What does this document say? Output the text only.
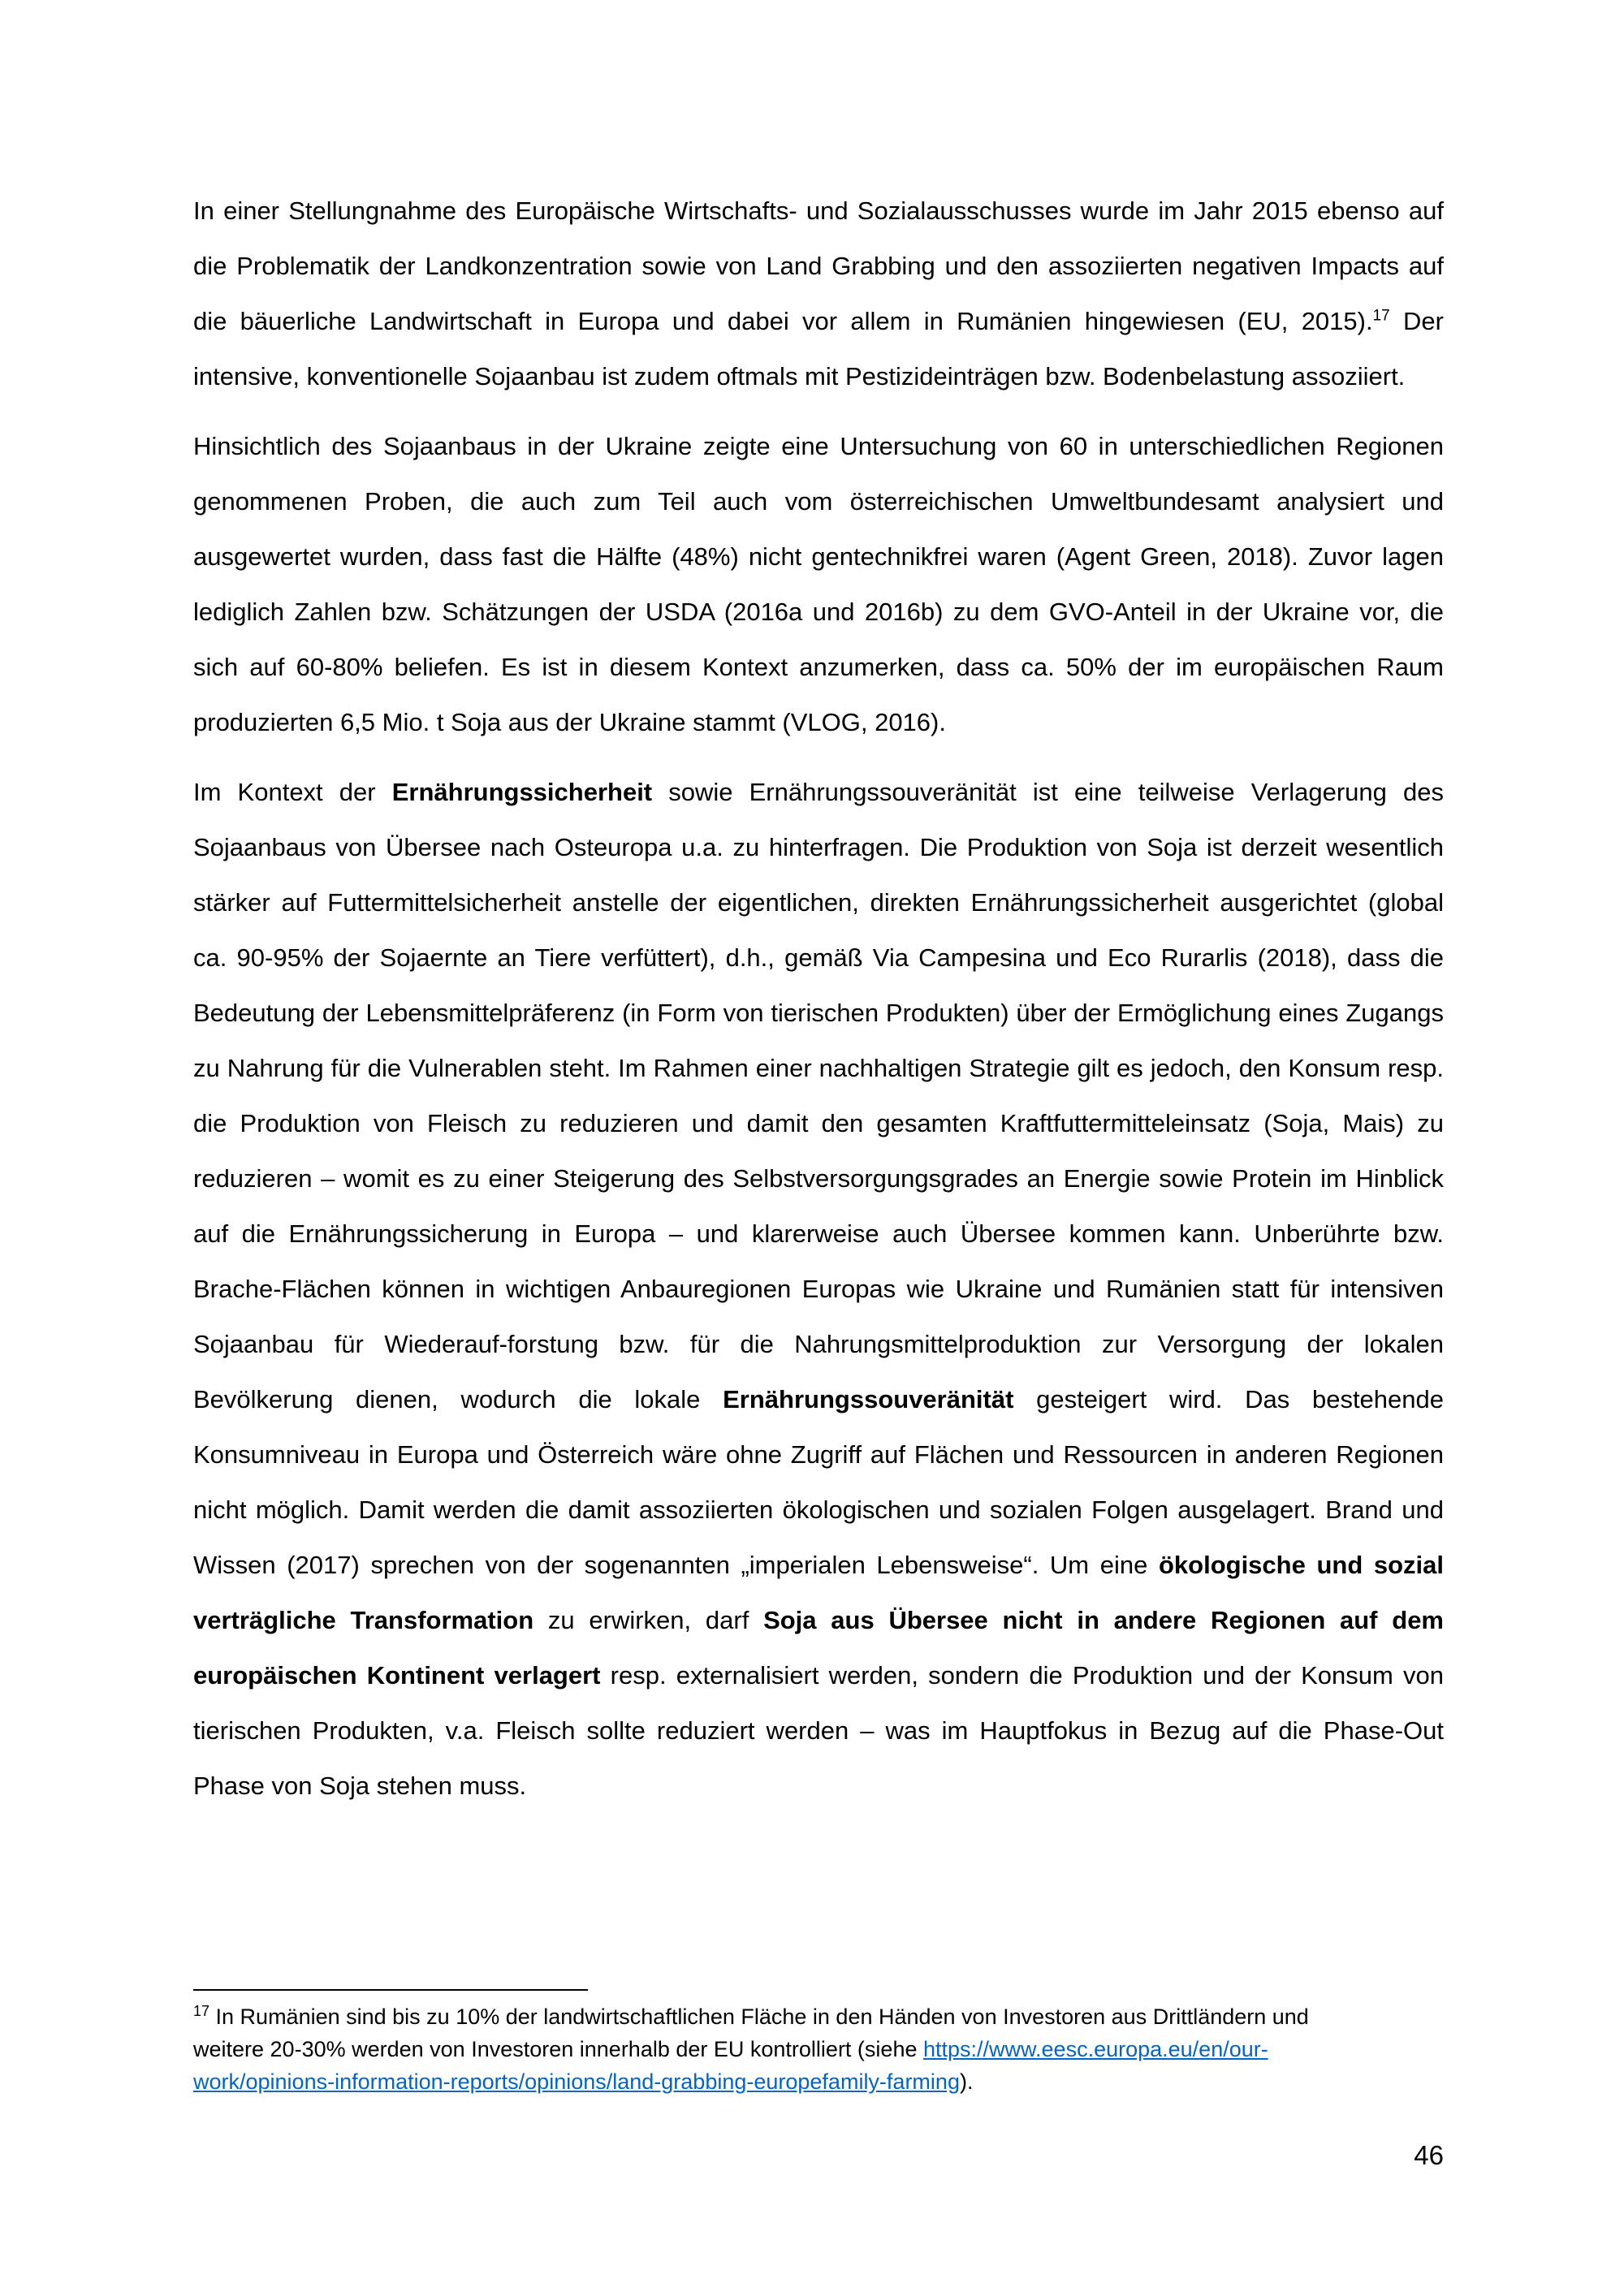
In einer Stellungnahme des Europäische Wirtschafts- und Sozialausschusses wurde im Jahr 2015 ebenso auf die Problematik der Landkonzentration sowie von Land Grabbing und den assoziierten negativen Impacts auf die bäuerliche Landwirtschaft in Europa und dabei vor allem in Rumänien hingewiesen (EU, 2015).$^{17}$ Der intensive, konventionelle Sojaanbau ist zudem oftmals mit Pestizideinträgen bzw. Bodenbelastung assoziiert.

Hinsichtlich des Sojaanbaus in der Ukraine zeigte eine Untersuchung von 60 in unterschiedlichen Regionen genommenen Proben, die auch zum Teil auch vom österreichischen Umweltbundesamt analysiert und ausgewertet wurden, dass fast die Hälfte (48%) nicht gentechnikfrei waren (Agent Green, 2018). Zuvor lagen lediglich Zahlen bzw. Schätzungen der USDA (2016a und 2016b) zu dem GVO-Anteil in der Ukraine vor, die sich auf 60-80% beliefen. Es ist in diesem Kontext anzumerken, dass ca. 50% der im europäischen Raum produzierten 6,5 Mio. t Soja aus der Ukraine stammt (VLOG, 2016).

Im Kontext der Ernährungssicherheit sowie Ernährungssouveränität ist eine teilweise Verlagerung des Sojaanbaus von Übersee nach Osteuropa u.a. zu hinterfragen. Die Produktion von Soja ist derzeit wesentlich stärker auf Futtermittelsicherheit anstelle der eigentlichen, direkten Ernährungssicherheit ausgerichtet (global ca. 90-95% der Sojaernte an Tiere verfüttert), d.h., gemäß Via Campesina und Eco Rurarlis (2018), dass die Bedeutung der Lebensmittelpräferenz (in Form von tierischen Produkten) über der Ermöglichung eines Zugangs zu Nahrung für die Vulnerablen steht. Im Rahmen einer nachhaltigen Strategie gilt es jedoch, den Konsum resp. die Produktion von Fleisch zu reduzieren und damit den gesamten Kraftfuttermitteleinsatz (Soja, Mais) zu reduzieren – womit es zu einer Steigerung des Selbstversorgungsgrades an Energie sowie Protein im Hinblick auf die Ernährungssicherung in Europa – und klarerweise auch Übersee kommen kann. Unberührte bzw. Brache-Flächen können in wichtigen Anbauregionen Europas wie Ukraine und Rumänien statt für intensiven Sojaanbau für Wiederauf-forstung bzw. für die Nahrungsmittelproduktion zur Versorgung der lokalen Bevölkerung dienen, wodurch die lokale Ernährungssouveränität gesteigert wird. Das bestehende Konsumniveau in Europa und Österreich wäre ohne Zugriff auf Flächen und Ressourcen in anderen Regionen nicht möglich. Damit werden die damit assoziierten ökologischen und sozialen Folgen ausgelagert. Brand und Wissen (2017) sprechen von der sogenannten „imperialen Lebensweise“. Um eine ökologische und sozial verträgliche Transformation zu erwirken, darf Soja aus Übersee nicht in andere Regionen auf dem europäischen Kontinent verlagert resp. externalisiert werden, sondern die Produktion und der Konsum von tierischen Produkten, v.a. Fleisch sollte reduziert werden – was im Hauptfokus in Bezug auf die Phase-Out Phase von Soja stehen muss.

$^{17}$ In Rumänien sind bis zu 10% der landwirtschaftlichen Fläche in den Händen von Investoren aus Drittländern und weitere 20-30% werden von Investoren innerhalb der EU kontrolliert (siehe https://www.eesc.europa.eu/en/our-work/opinions-information-reports/opinions/land-grabbing-europefamily-farming).

46
